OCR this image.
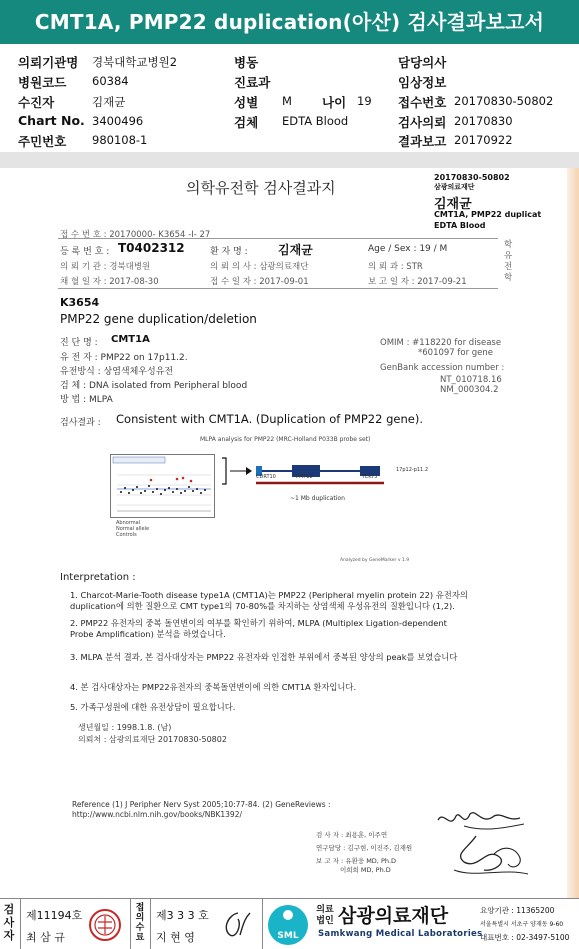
CMT1A, PMP22 duplication(아산) 검사결과보고서
의뢰기관명 경북대학교병원2
병원코드 60384
수진자	김재균
Chart No. 3400496
주민번호 980108-1
병동
진료과
성별 M 나이 19
검체 EDTA Blood
담당의사
임상정보
접수번호 20170830-50802
검사의뢰 20170830
결과보고 20170922
의학유전학 검사결과지
20170830-50802
삼광의료재단
김재균
CMT1A, PMP22 duplicat
EDTA Blood
접 수 번 호 : 20170000- K3654 -I- 27
등 록 번 호 : T0402312	환 자 명 :	김재균	Age / Sex : 19 / M	학 유 전 학
의 뢰 기 관 : 경북대병원	의 뢰 의 사 : 삼광의료재단	의 뢰 과 : STR
채 혈 일 자 : 2017-08-30	접 수 일 자 : 2017-09-01	보 고 일 자 : 2017-09-21
K3654
PMP22 gene duplication/deletion
진 단 명 : CMT1A
유 전 자 : PMP22 on 17p11.2.
유전방식 : 상염색체우성유전
검 체 : DNA isolated from Peripheral blood
방 법 : MLPA
OMIM : #118220 for disease
*601097 for gene
GenBank accession number :
NT_010718.16
NM_000304.2
검사결과 : Consistent with CMT1A. (Duplication of PMP22 gene).
MLPA analysis for PMP22 (MRC-Holland P033B probe set)
Abnormal
Normal allele
Controls
CDRT10	PMP22	TEKT3
17p12-p11.2
~1 Mb duplication
Analyzed by GeneMarker v 1.9
Interpretation :

1. Charcot-Marie-Tooth disease type1A (CMT1A)는 PMP22 (Peripheral myelin protein 22) 유전자의

duplication에 의한 질환으로 CMT type1의 70-80%를 차지하는 상염색체 우성유전의 질환입니다 (1,2).

2. PMP22 유전자의 중복 돌연변이의 여부를 확인하기 위하여, MLPA (Multiplex Ligation-dependent

Probe Amplification) 분석을 하였습니다.

3. MLPA 분석 결과, 본 검사대상자는 PMP22 유전자와 인접한 부위에서 중복된 양상의 peak를 보였습니다

4. 본 검사대상자는 PMP22유전자의 중복돌연변이에 의한 CMT1A 환자입니다.

5. 가족구성원에 대한 유전상담이 필요합니다.

생년월일 : 1998.1.8. (남)
의뢰처 : 삼광의료재단 20170830-50802
Reference (1) J Peripher Nerv Syst 2005;10:77-84. (2) GeneReviews :
http://www.ncbi.nlm.nih.gov/books/NBK1392/
검 사 자 : 최용훈, 이주연
연구담당 : 김구현, 이진주, 김재원
보 고 자 : 유환웅 MD, Ph.D
이희희 MD, Ph.D
검사자
제11194호
최 삼 규
접의 수료
제3 3 3 호
지 현 영	SML
의료법인 삼광의료재단
Samkwang Medical Laboratories
요양기관 : 11365200
서울특별시 서초구 양재동 9-60
대표번호 : 02-3497-5100
